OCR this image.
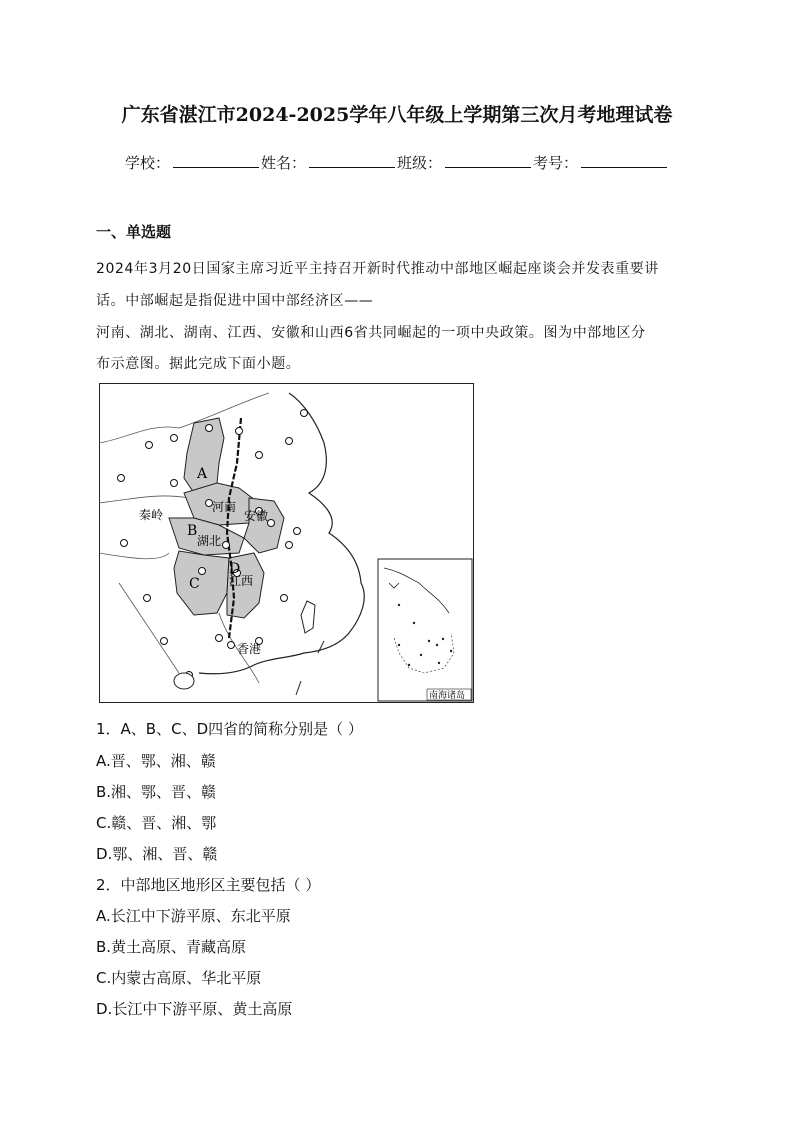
广东省湛江市2024-2025学年八年级上学期第三次月考地理试卷
学校：	姓名：	班级：	考号：
一、单选题
2024年3月20日国家主席习近平主持召开新时代推动中部地区崛起座谈会并发表重要讲
话。中部崛起是指促进中国中部经济区——
河南、湖北、湖南、江西、安徽和山西6省共同崛起的一项中央政策。图为中部地区分
布示意图。据此完成下面小题。
A
B
C
D
河南
安徽
湖北
江西
秦岭
香港
南海诸岛
1．A、B、C、D四省的简称分别是（ ）
A.晋、鄂、湘、赣
B.湘、鄂、晋、赣
C.赣、晋、湘、鄂
D.鄂、湘、晋、赣
2．中部地区地形区主要包括（ ）
A.长江中下游平原、东北平原
B.黄土高原、青藏高原
C.内蒙古高原、华北平原
D.长江中下游平原、黄土高原
